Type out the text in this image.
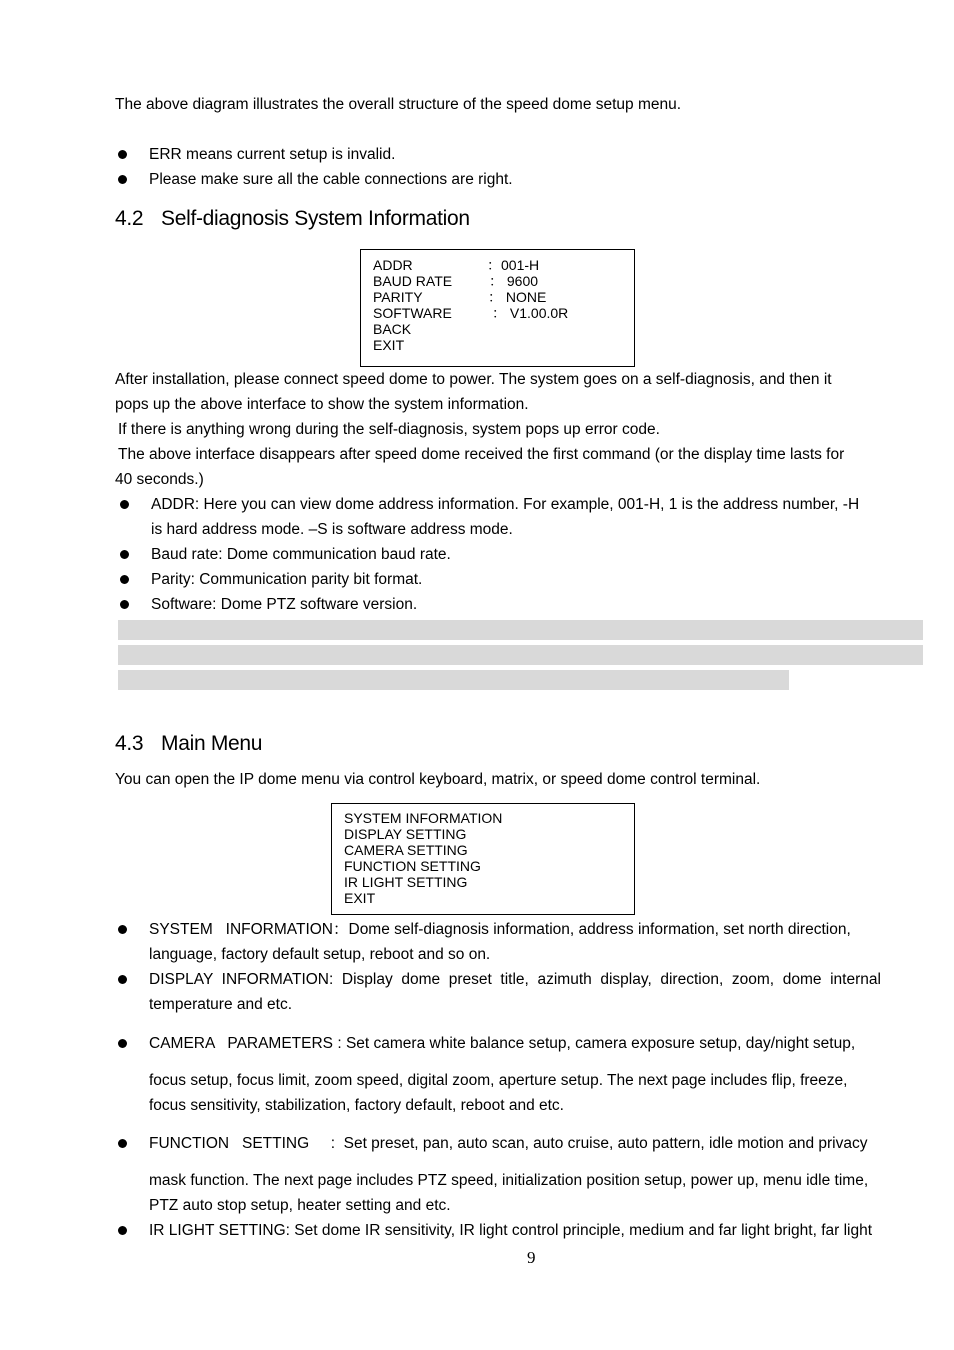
The above diagram illustrates the overall structure of the speed dome setup menu.
ERR means current setup is invalid.
Please make sure all the cable connections are right.
4.2 Self-diagnosis System Information
ADDR	：001-H
BAUD RATE	： 9600
PARITY	： NONE
SOFTWARE	： V1.00.0R
BACK
EXIT
After installation, please connect speed dome to power. The system goes on a self-diagnosis, and then it
pops up the above interface to show the system information.
If there is anything wrong during the self-diagnosis, system pops up error code.
The above interface disappears after speed dome received the first command (or the display time lasts for
40 seconds.)
ADDR: Here you can view dome address information. For example, 001-H, 1 is the address number, -H
is hard address mode. –S is software address mode.
Baud rate: Dome communication baud rate.
Parity: Communication parity bit format.
Software: Dome PTZ software version.
4.3 Main Menu
You can open the IP dome menu via control keyboard, matrix, or speed dome control terminal.
SYSTEM INFORMATION
DISPLAY SETTING
CAMERA SETTING
FUNCTION SETTING
IR LIGHT SETTING
EXIT
SYSTEM   INFORMATION：Dome self-diagnosis information, address information, set north direction,
language, factory default setup, reboot and so on.
DISPLAY  INFORMATION:  Display  dome  preset  title,  azimuth  display,  direction,  zoom,  dome  internal
temperature and etc.
CAMERA   PARAMETERS : Set camera white balance setup, camera exposure setup, day/night setup,
focus setup, focus limit, zoom speed, digital zoom, aperture setup. The next page includes flip, freeze,
focus sensitivity, stabilization, factory default, reboot and etc.
FUNCTION   SETTING     :  Set preset, pan, auto scan, auto cruise, auto pattern, idle motion and privacy
mask function. The next page includes PTZ speed, initialization position setup, power up, menu idle time,
PTZ auto stop setup, heater setting and etc.
IR LIGHT SETTING: Set dome IR sensitivity, IR light control principle, medium and far light bright, far light
9
